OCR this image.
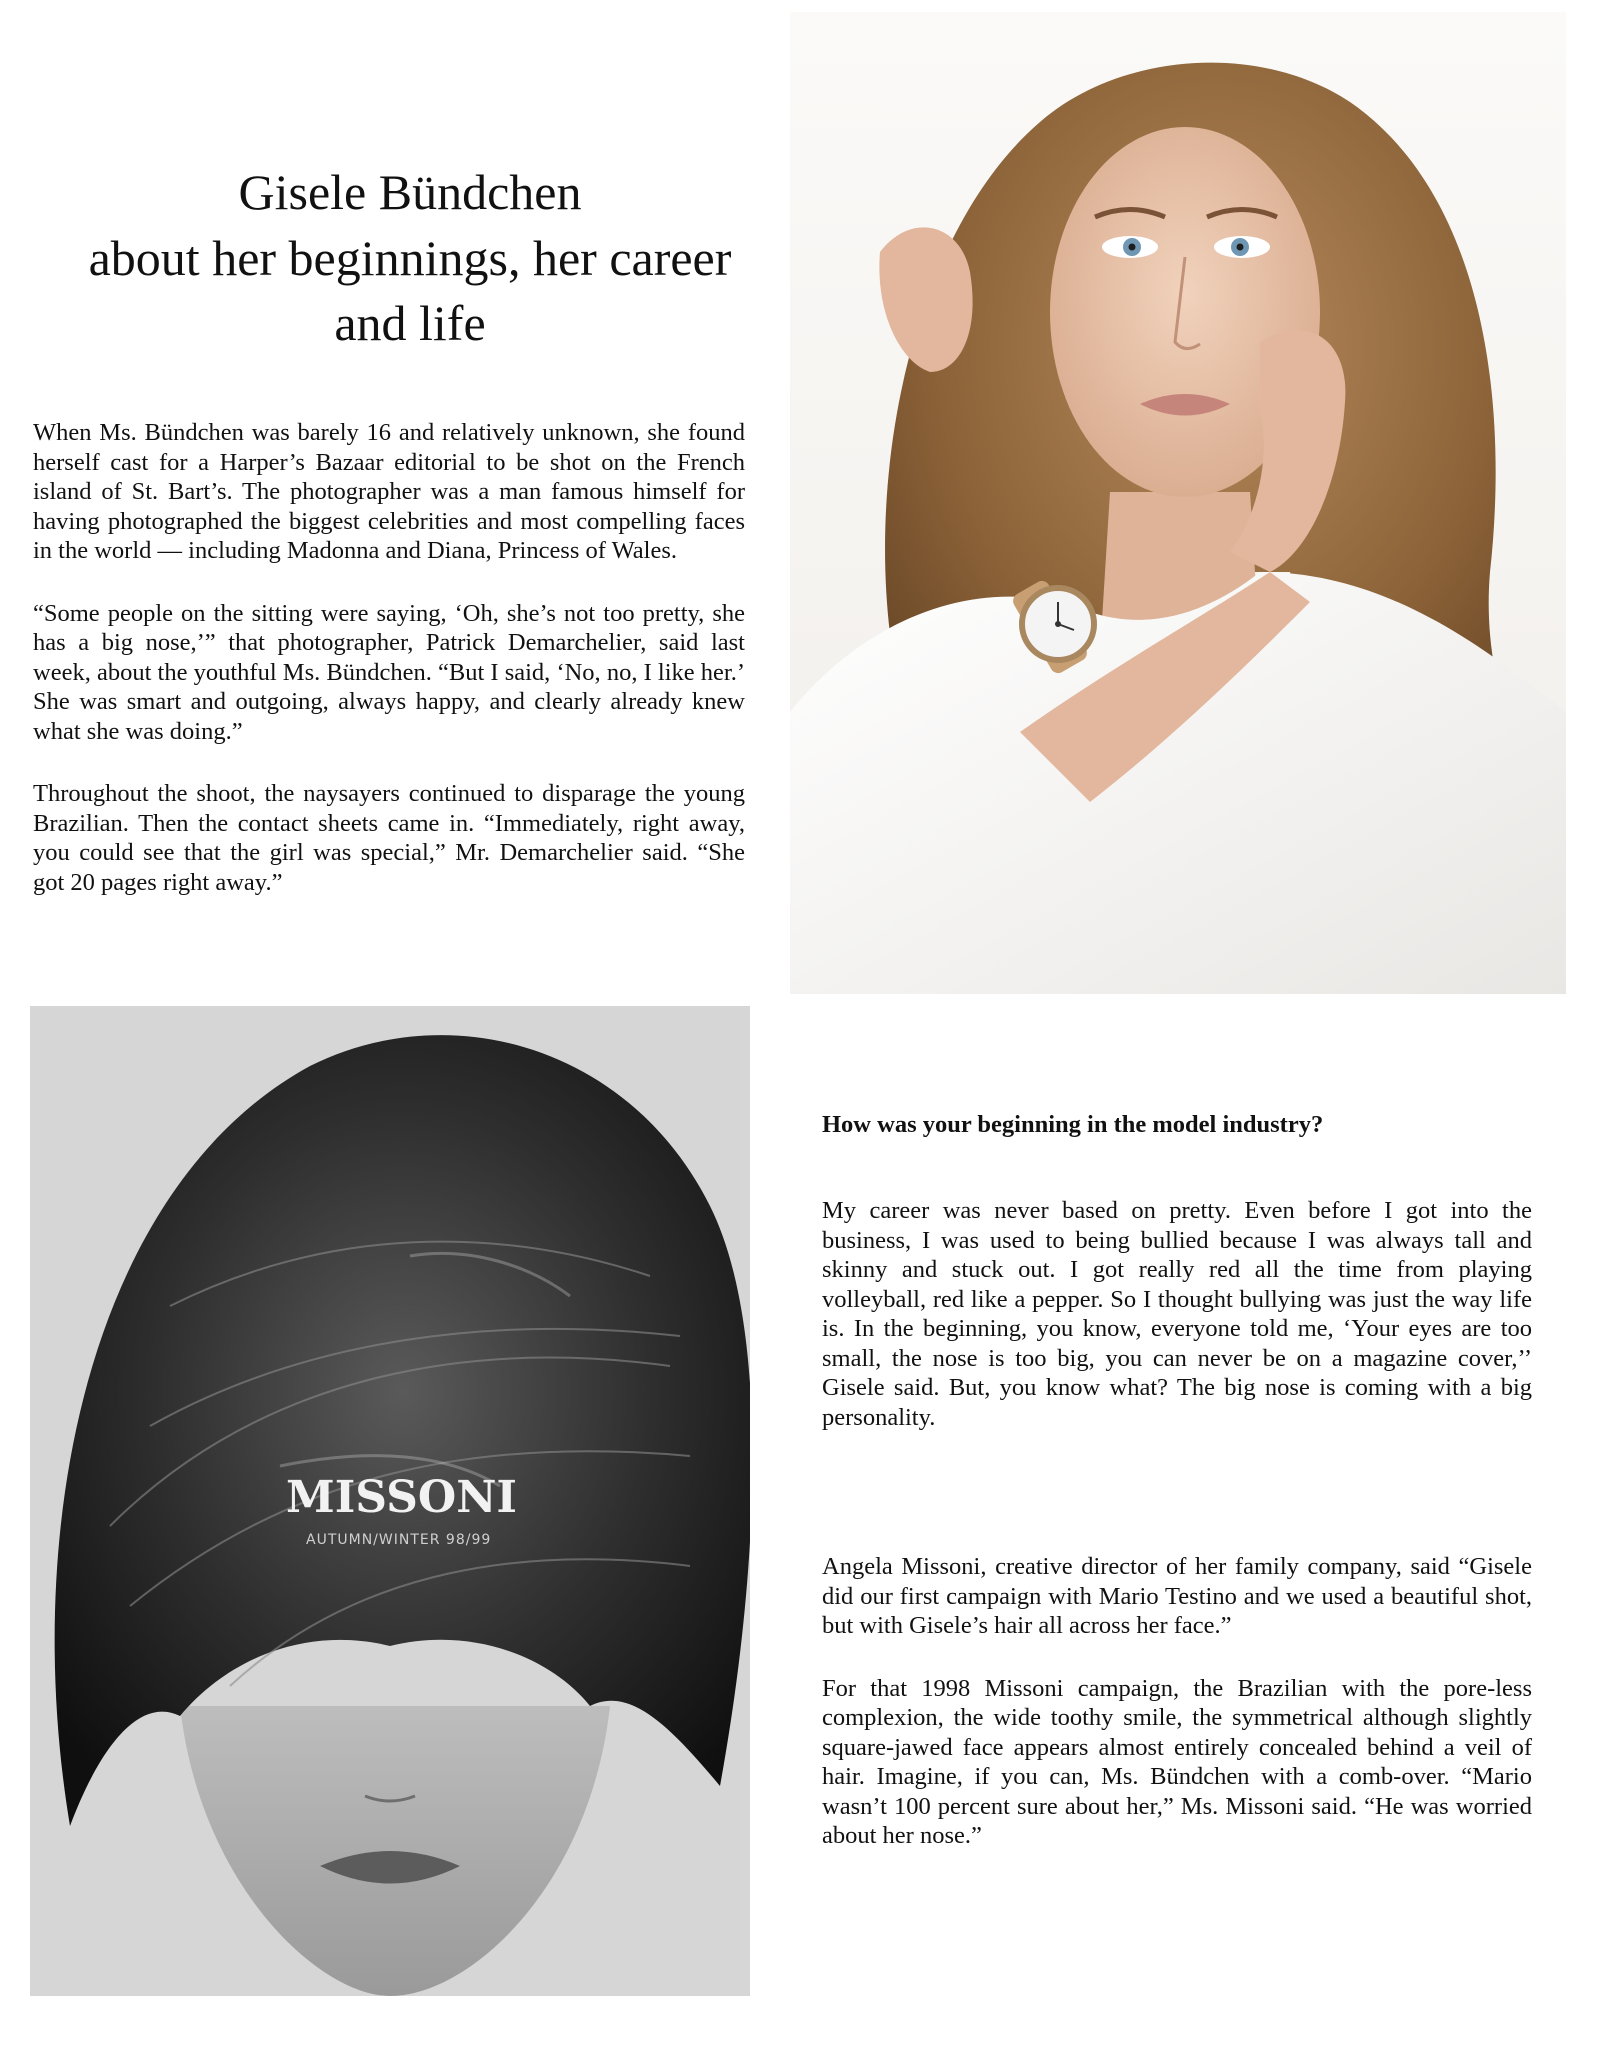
Gisele Bündchen
about her beginnings, her career
and life

When Ms. Bündchen was barely 16 and relatively unknown, she found herself cast for a Harper’s Bazaar editorial to be shot on the French island of St. Bart’s. The photographer was a man famous himself for having photographed the biggest celebrities and most compelling faces in the world — including Madonna and Diana, Princess of Wales.

“Some people on the sitting were saying, ‘Oh, she’s not too pretty, she has a big nose,’” that photographer, Patrick Demarchelier, said last week, about the youthful Ms. Bündchen. “But I said, ‘No, no, I like her.’ She was smart and outgoing, always happy, and clearly already knew what she was doing.”

Throughout the shoot, the naysayers continued to disparage the young Brazilian. Then the contact sheets came in. “Immediately, right away, you could see that the girl was special,” Mr. Demarchelier said. “She got 20 pages right away.”

MISSONI
AUTUMN/WINTER 98/99

How was your beginning in the model industry?

My career was never based on pretty. Even before I got into the business, I was used to being bullied because I was always tall and skinny and stuck out. I got really red all the time from playing volleyball, red like a pepper. So I thought bullying was just the way life is. In the beginning, you know, everyone told me, ‘Your eyes are too small, the nose is too big, you can never be on a magazine cover,’’ Gisele said. But, you know what? The big nose is coming with a big personality.

Angela Missoni, creative director of her family company, said “Gisele did our first campaign with Mario Testino and we used a beautiful shot, but with Gisele’s hair all across her face.”

For that 1998 Missoni campaign, the Brazilian with the pore-less complexion, the wide toothy smile, the symmetrical although slightly square-jawed face appears almost entirely concealed behind a veil of hair. Imagine, if you can, Ms. Bündchen with a comb-over. “Mario wasn’t 100 percent sure about her,” Ms. Missoni said. “He was worried about her nose.”
